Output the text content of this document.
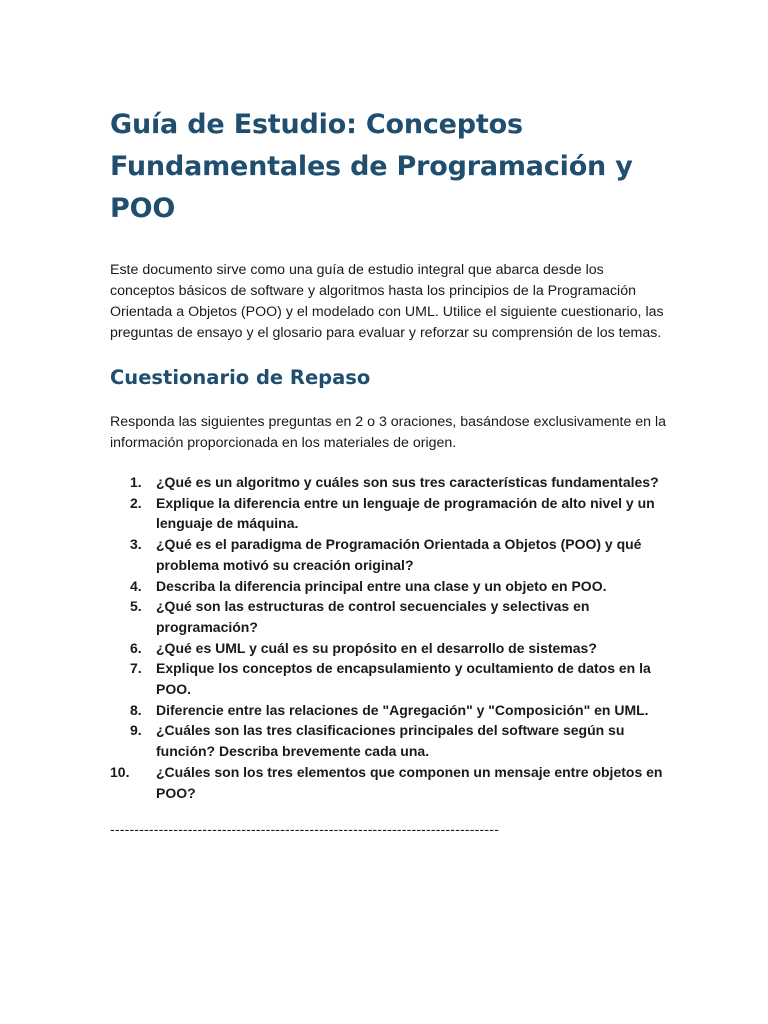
Guía de Estudio: Conceptos Fundamentales de Programación y POO

Este documento sirve como una guía de estudio integral que abarca desde los conceptos básicos de software y algoritmos hasta los principios de la Programación Orientada a Objetos (POO) y el modelado con UML. Utilice el siguiente cuestionario, las preguntas de ensayo y el glosario para evaluar y reforzar su comprensión de los temas.

Cuestionario de Repaso

Responda las siguientes preguntas en 2 o 3 oraciones, basándose exclusivamente en la información proporcionada en los materiales de origen.

1. ¿Qué es un algoritmo y cuáles son sus tres características fundamentales?
2. Explique la diferencia entre un lenguaje de programación de alto nivel y un lenguaje de máquina.
3. ¿Qué es el paradigma de Programación Orientada a Objetos (POO) y qué problema motivó su creación original?
4. Describa la diferencia principal entre una clase y un objeto en POO.
5. ¿Qué son las estructuras de control secuenciales y selectivas en programación?
6. ¿Qué es UML y cuál es su propósito en el desarrollo de sistemas?
7. Explique los conceptos de encapsulamiento y ocultamiento de datos en la POO.
8. Diferencie entre las relaciones de "Agregación" y "Composición" en UML.
9. ¿Cuáles son las tres clasificaciones principales del software según su función? Describa brevemente cada una.
10. ¿Cuáles son los tres elementos que componen un mensaje entre objetos en POO?
--------------------------------------------------------------------------------
